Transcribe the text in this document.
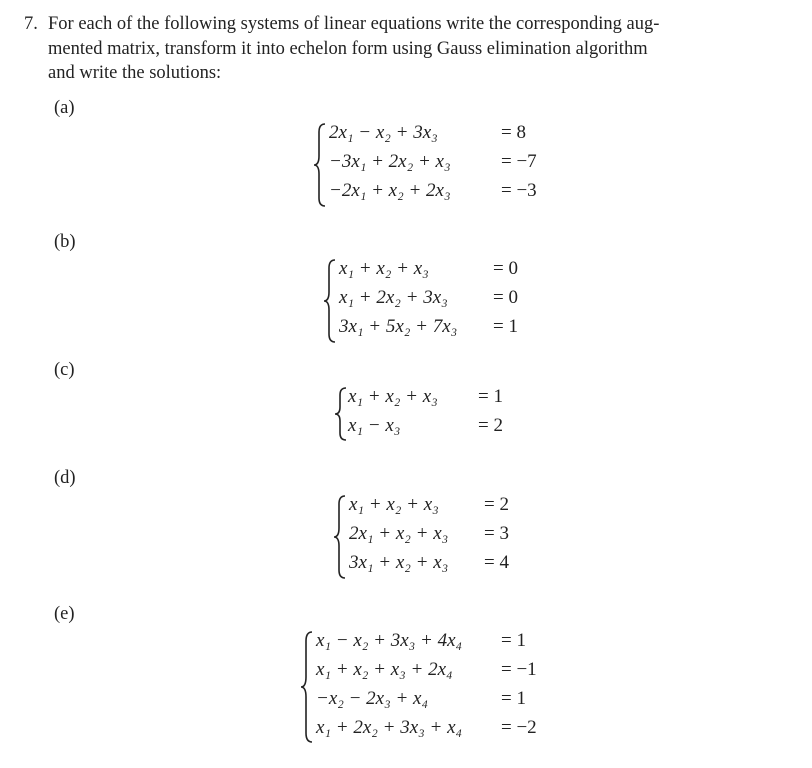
7. For each of the following systems of linear equations write the corresponding aug-
mented matrix, transform it into echelon form using Gauss elimination algorithm
and write the solutions:
(a)
2x₁ − x₂ + 3x₃	= 8
−3x₁ + 2x₂ + x₃	= −7
−2x₁ + x₂ + 2x₃	= −3
(b)
x₁ + x₂ + x₃	= 0
x₁ + 2x₂ + 3x₃ = 0
3x₁ + 5x₂ + 7x₃ = 1
(c)
x₁ + x₂ + x₃ = 1
x₁ − x₃	= 2
(d)
x₁ + x₂ + x₃ = 2
2x₁ + x₂ + x₃ = 3
3x₁ + x₂ + x₃ = 4
(e)
x₁ − x₂ + 3x₃ + 4x₄ = 1
x₁ + x₂ + x₃ + 2x₄	= −1
−x₂ − 2x₃ + x₄	= 1
x₁ + 2x₂ + 3x₃ + x₄ = −2
